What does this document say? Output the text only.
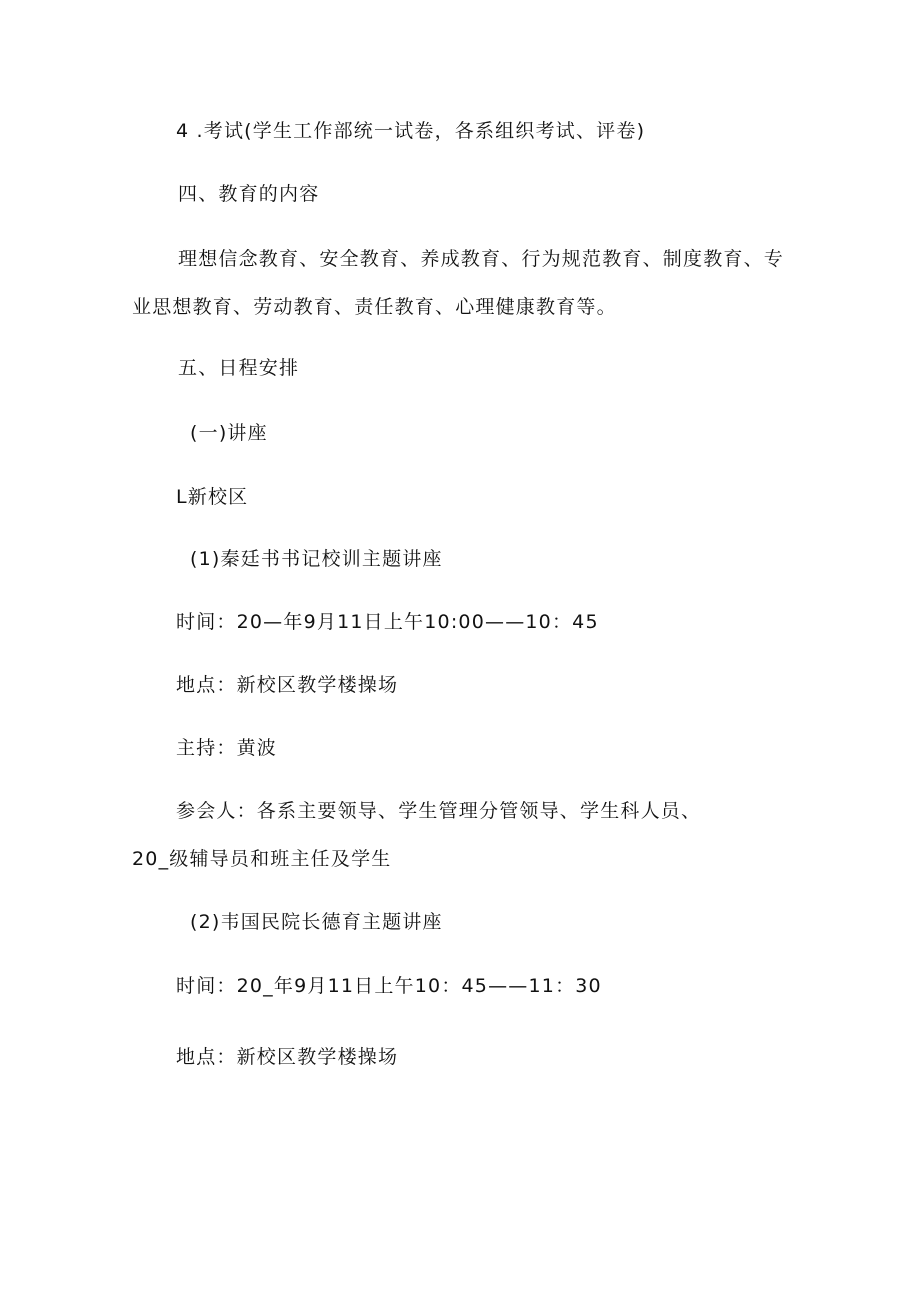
4 .考试(学生工作部统一试卷，各系组织考试、评卷)
四、教育的内容
理想信念教育、安全教育、养成教育、行为规范教育、制度教育、专
业思想教育、劳动教育、责任教育、心理健康教育等。
五、日程安排
(一)讲座
L新校区
(1)秦廷书书记校训主题讲座
时间：20—年9月11日上午10:00——10：45
地点：新校区教学楼操场
主持：黄波
参会人：各系主要领导、学生管理分管领导、学生科人员、
20_级辅导员和班主任及学生
(2)韦国民院长德育主题讲座
时间：20_年9月11日上午10：45——11：30
地点：新校区教学楼操场
